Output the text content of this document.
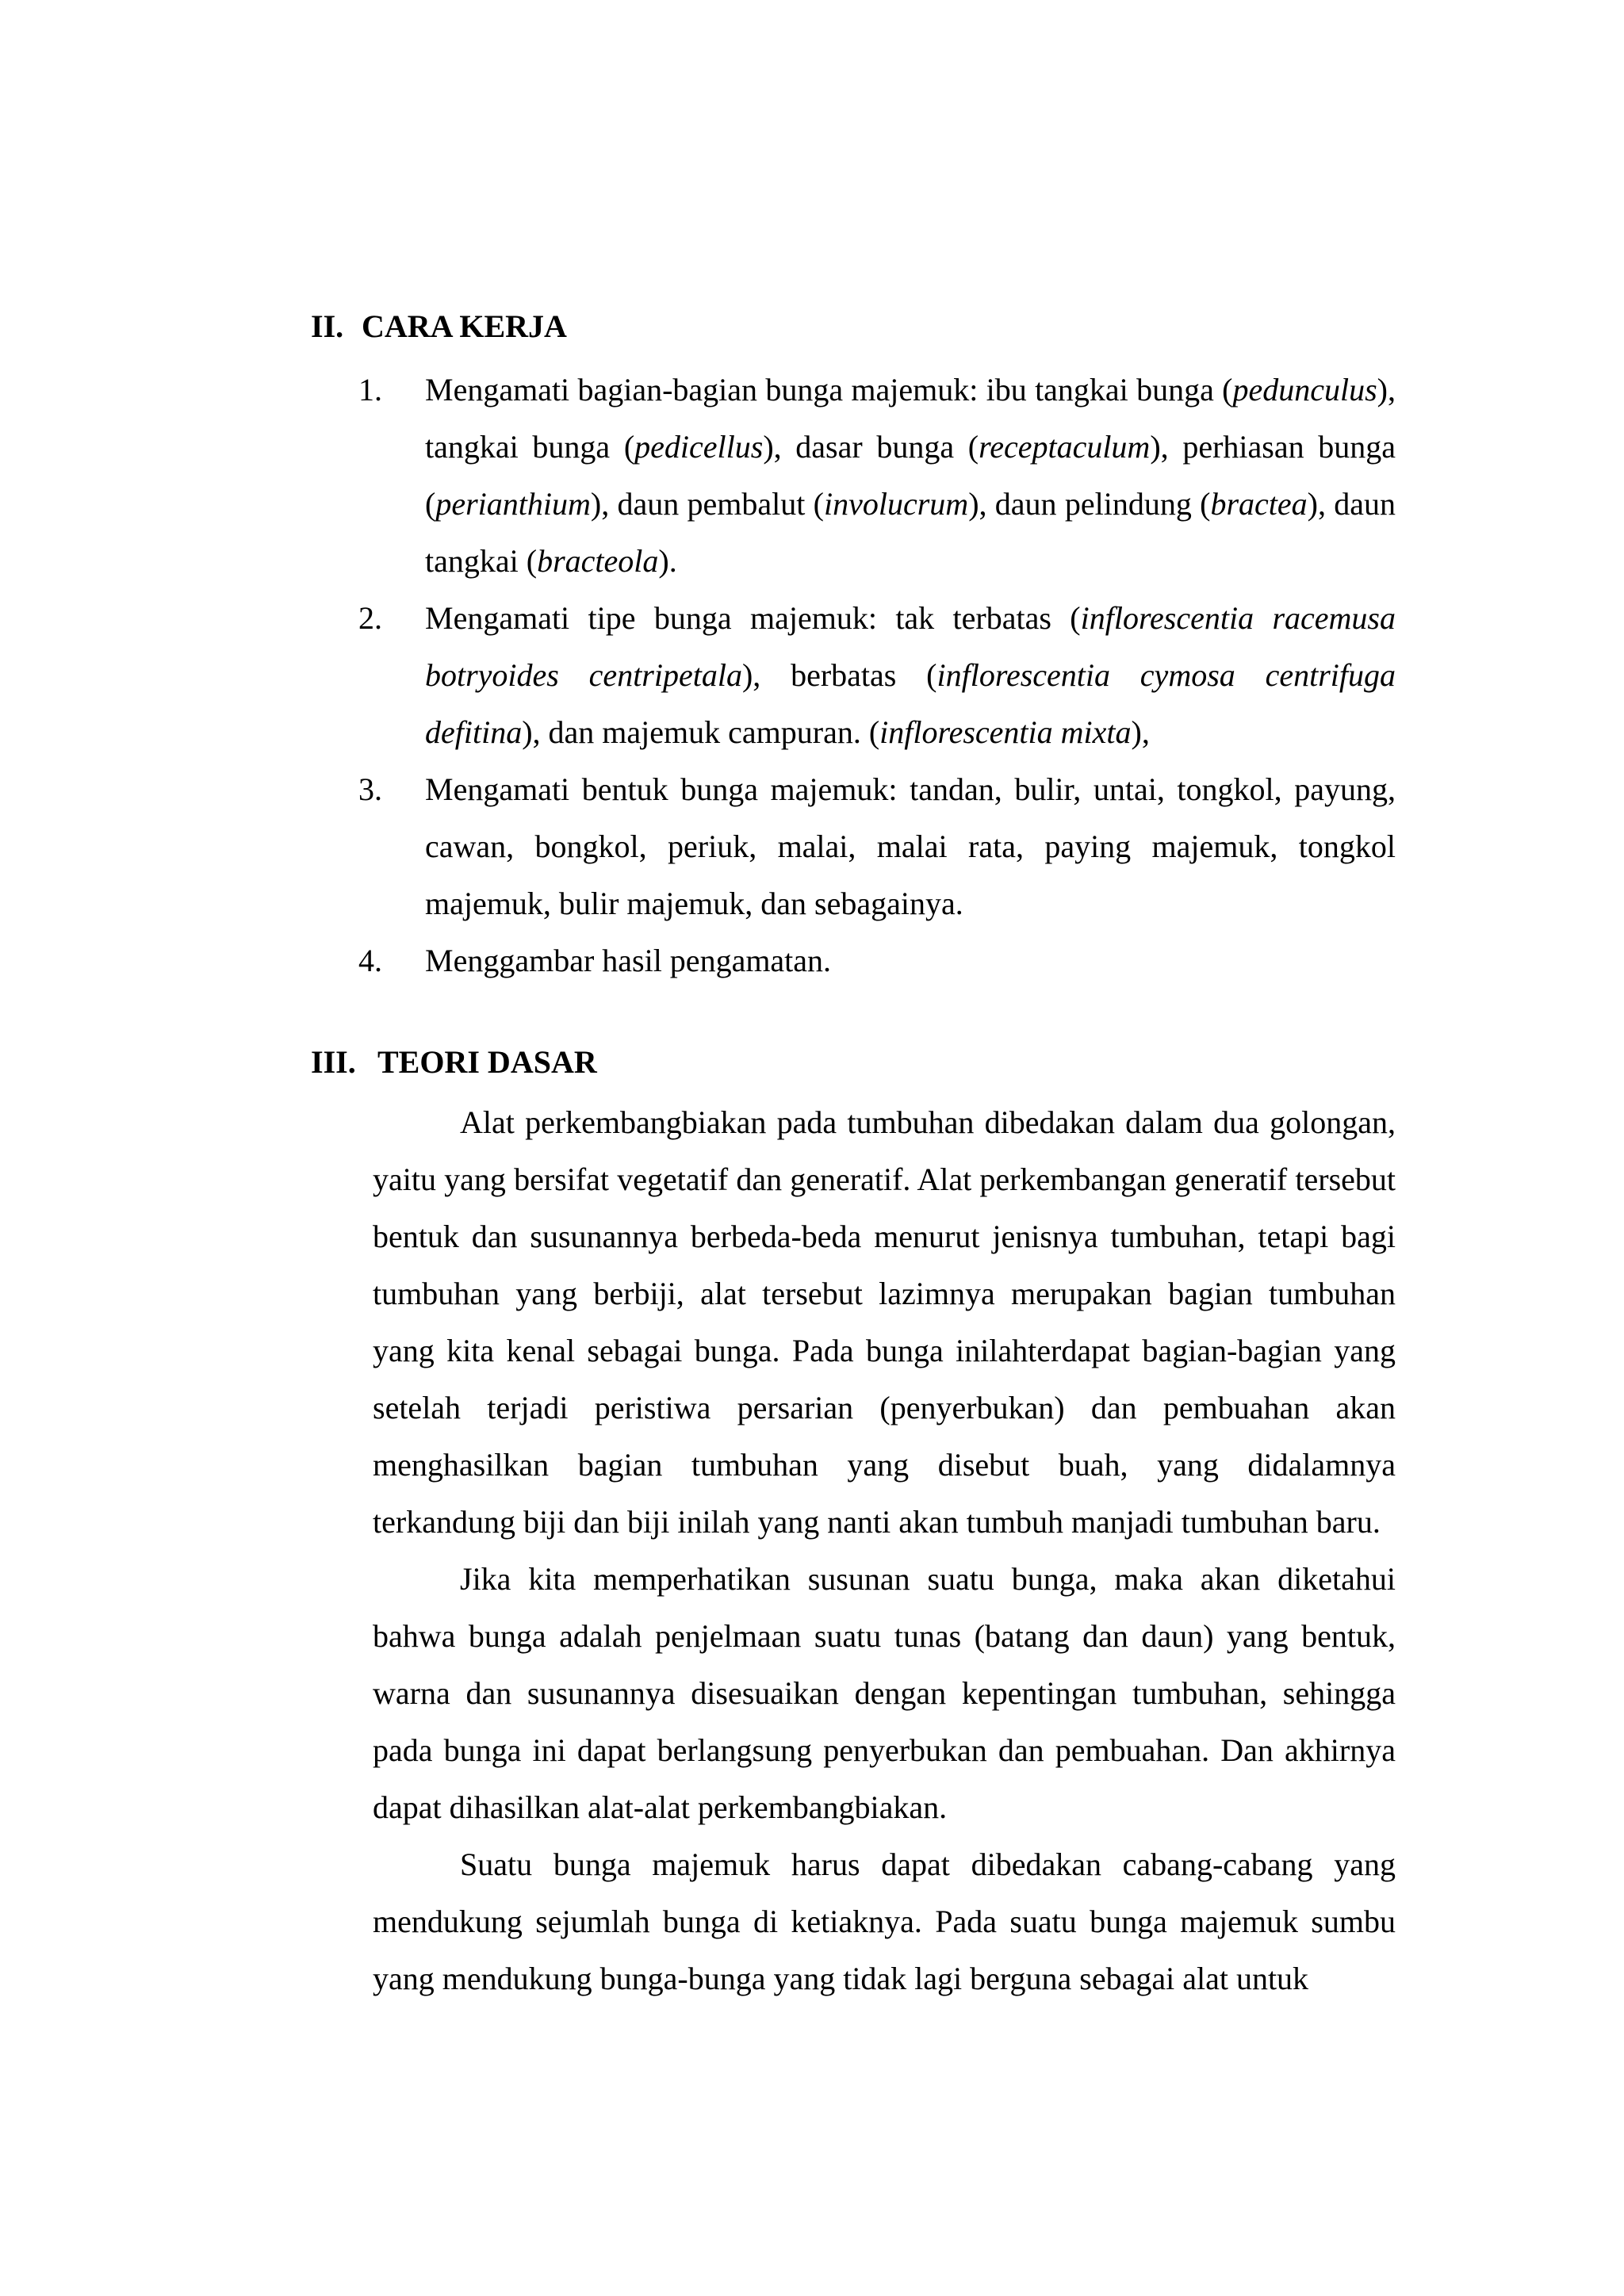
II. CARA KERJA
1. Mengamati bagian-bagian bunga majemuk: ibu tangkai bunga (pedunculus), tangkai bunga (pedicellus), dasar bunga (receptaculum), perhiasan bunga (perianthium), daun pembalut (involucrum), daun pelindung (bractea), daun tangkai (bracteola).
2. Mengamati tipe bunga majemuk: tak terbatas (inflorescentia racemusa botryoides centripetala), berbatas (inflorescentia cymosa centrifuga defitina), dan majemuk campuran. (inflorescentia mixta),
3. Mengamati bentuk bunga majemuk: tandan, bulir, untai, tongkol, payung, cawan, bongkol, periuk, malai, malai rata, paying majemuk, tongkol majemuk, bulir majemuk, dan sebagainya.
4. Menggambar hasil pengamatan.
III. TEORI DASAR

Alat perkembangbiakan pada tumbuhan dibedakan dalam dua golongan, yaitu yang bersifat vegetatif dan generatif. Alat perkembangan generatif tersebut bentuk dan susunannya berbeda-beda menurut jenisnya tumbuhan, tetapi bagi tumbuhan yang berbiji, alat tersebut lazimnya merupakan bagian tumbuhan yang kita kenal sebagai bunga. Pada bunga inilahterdapat bagian-bagian yang setelah terjadi peristiwa persarian (penyerbukan) dan pembuahan akan menghasilkan bagian tumbuhan yang disebut buah, yang didalamnya terkandung biji dan biji inilah yang nanti akan tumbuh manjadi tumbuhan baru.

Jika kita memperhatikan susunan suatu bunga, maka akan diketahui bahwa bunga adalah penjelmaan suatu tunas (batang dan daun) yang bentuk, warna dan susunannya disesuaikan dengan kepentingan tumbuhan, sehingga pada bunga ini dapat berlangsung penyerbukan dan pembuahan. Dan akhirnya dapat dihasilkan alat-alat perkembangbiakan.

Suatu bunga majemuk harus dapat dibedakan cabang-cabang yang mendukung sejumlah bunga di ketiaknya. Pada suatu bunga majemuk sumbu yang mendukung bunga-bunga yang tidak lagi berguna sebagai alat untuk
